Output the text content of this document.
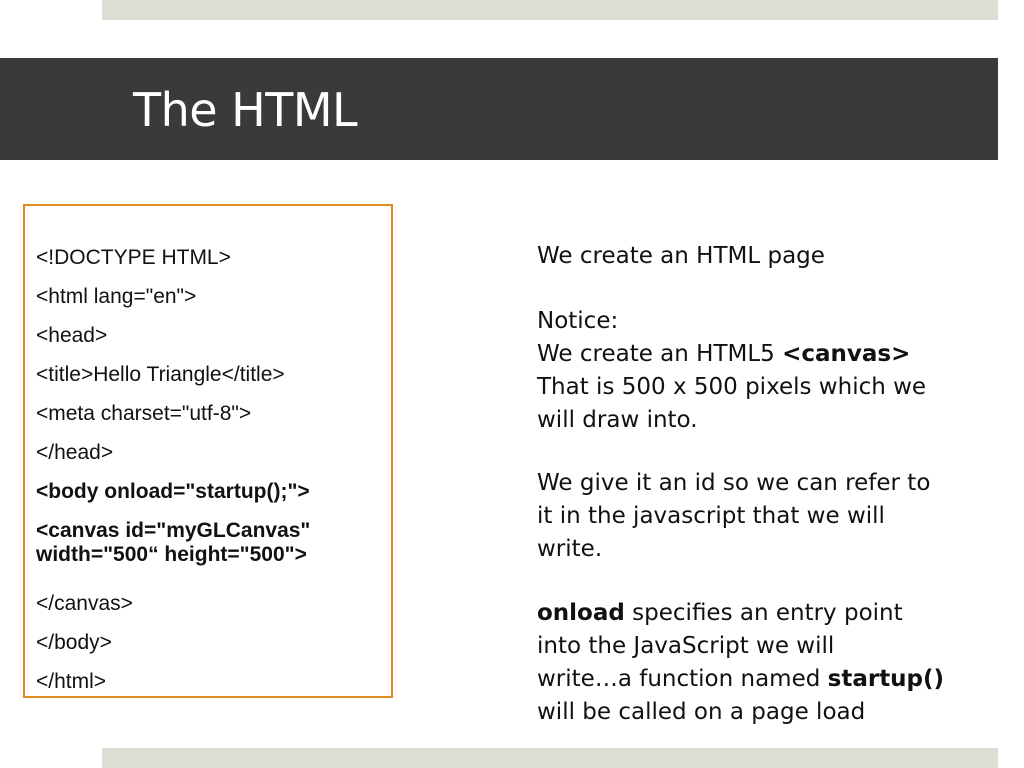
The HTML
<!DOCTYPE HTML>
<html lang="en">
<head>
<title>Hello Triangle</title>
<meta charset="utf-8">
</head>
<body onload="startup();">
<canvas id="myGLCanvas"
width="500“ height="500">
</canvas>
</body>
</html>
We create an HTML page
Notice:
We create an HTML5 <canvas>
That is 500 x 500 pixels which we
will draw into.
We give it an id so we can refer to
it in the javascript that we will
write.
onload specifies an entry point
into the JavaScript we will
write…a function named startup()
will be called on a page load
